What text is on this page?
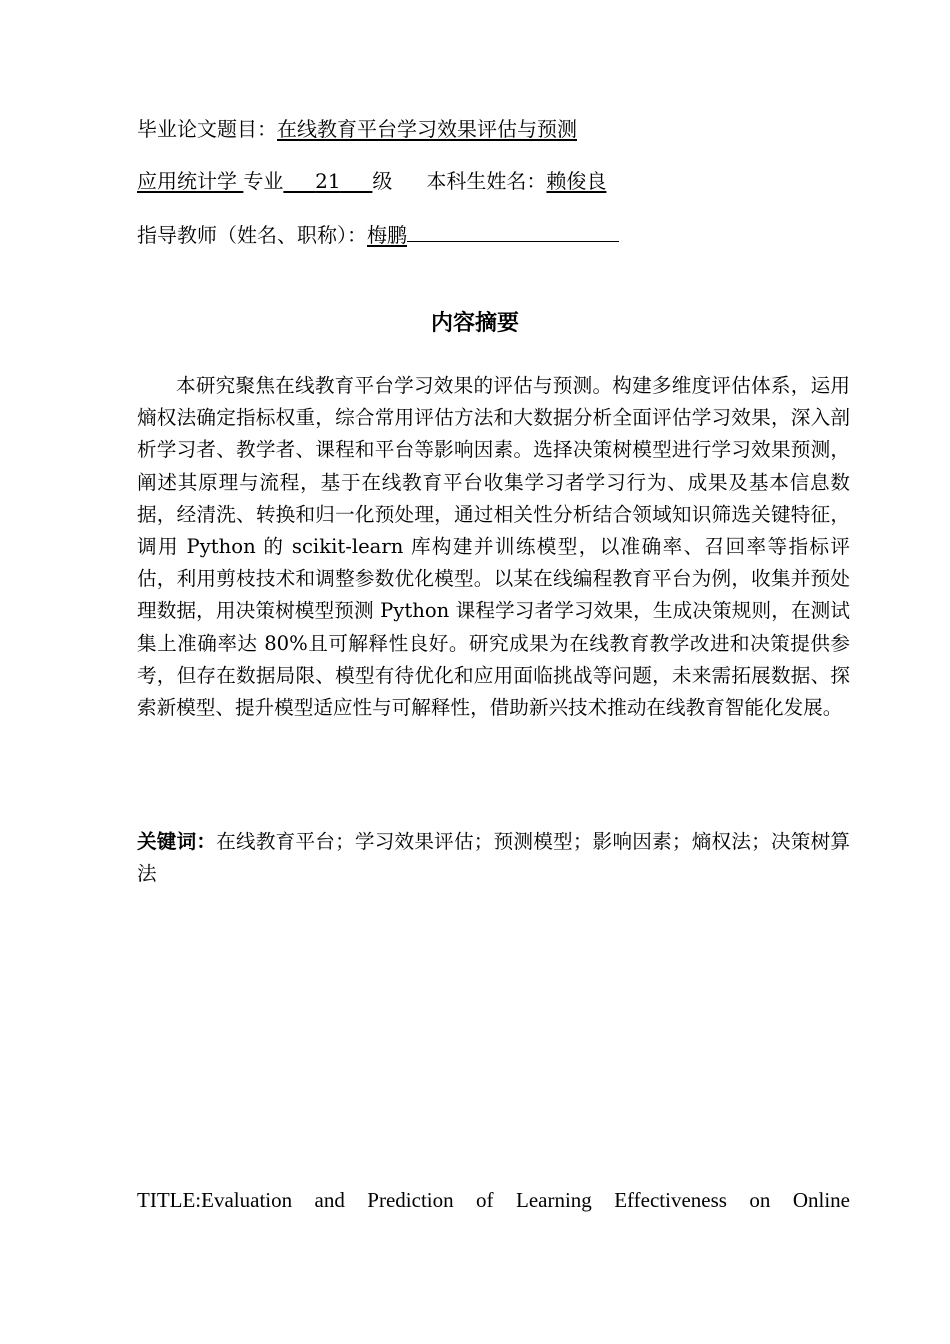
毕业论文题目：在线教育平台学习效果评估与预测
应用统计学 专业 21 级 本科生姓名：赖俊良
指导教师（姓名、职称）：梅鹏
内容摘要
本研究聚焦在线教育平台学习效果的评估与预测。构建多维度评估体系，运用熵权法确定指标权重，综合常用评估方法和大数据分析全面评估学习效果，深入剖析学习者、教学者、课程和平台等影响因素。选择决策树模型进行学习效果预测，阐述其原理与流程，基于在线教育平台收集学习者学习行为、成果及基本信息数据，经清洗、转换和归一化预处理，通过相关性分析结合领域知识筛选关键特征，调用 Python 的 scikit-learn 库构建并训练模型，以准确率、召回率等指标评估，利用剪枝技术和调整参数优化模型。以某在线编程教育平台为例，收集并预处理数据，用决策树模型预测 Python 课程学习者学习效果，生成决策规则，在测试集上准确率达 80%且可解释性良好。研究成果为在线教育教学改进和决策提供参考，但存在数据局限、模型有待优化和应用面临挑战等问题，未来需拓展数据、探索新模型、提升模型适应性与可解释性，借助新兴技术推动在线教育智能化发展。
关键词：在线教育平台；学习效果评估；预测模型；影响因素；熵权法；决策树算法
TITLE:Evaluation and Prediction of Learning Effectiveness on Online
